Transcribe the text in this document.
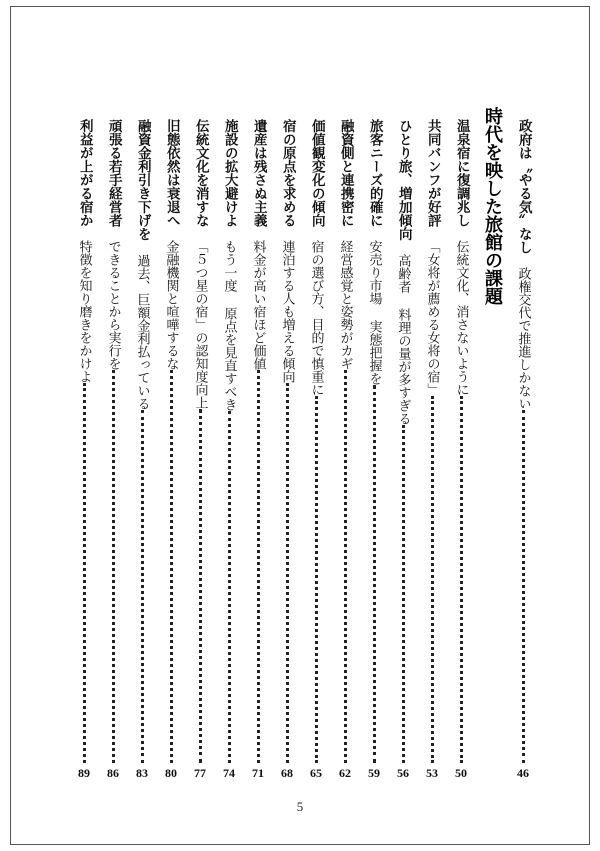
政府は〝やる気〟なし
政権交代で推進しかない
46
時代を映した旅館の課題
温泉宿に復調兆し
伝統文化、消さないように
50
共同バンフが好評
「女将が薦める女将の宿」
53
ひとり旅、増加傾向
高齢者 料理の量が多すぎる
56
旅客ニーズ的確に
安売り市場 実態把握を
59
融資側と連携密に
経営感覚と姿勢がカギ
62
価値観変化の傾向
宿の選び方、目的で慎重に
65
宿の原点を求める
連泊する人も増える傾向
68
遺産は残さぬ主義
料金が高い宿ほど価値
71
施設の拡大避けよ
もう一度 原点を見直すべき
74
伝統文化を消すな
「５つ星の宿」の認知度向上
77
旧態依然は衰退へ
金融機関と喧嘩するな
80
融資金利引き下げを
過去、巨額金利払っている
83
頑張る若手経営者
できることから実行を
86
利益が上がる宿か
特徴を知り磨きをかけよ
89
5
